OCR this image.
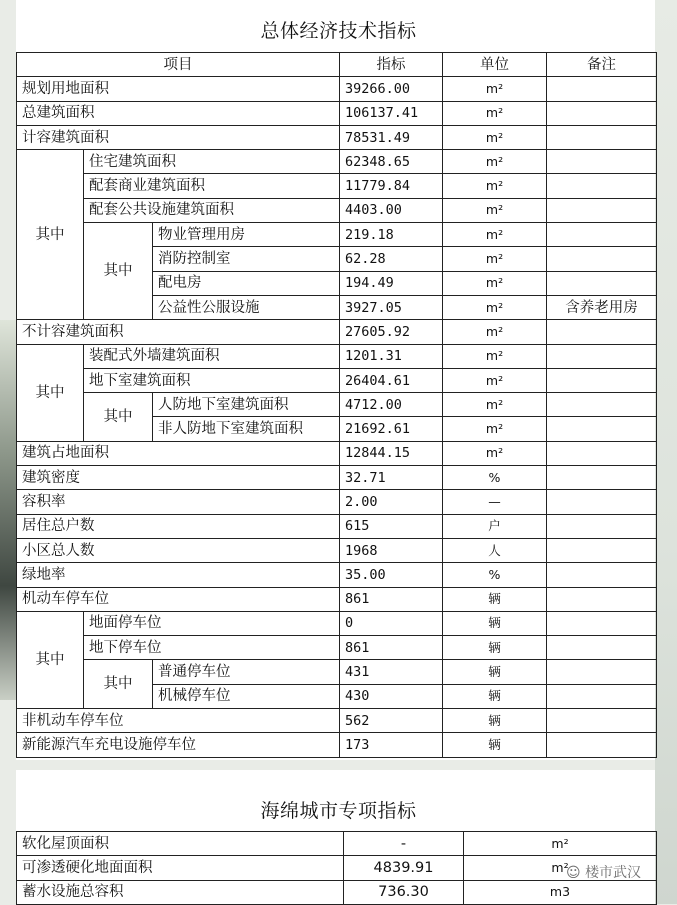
总体经济技术指标
项目			指标	单位	备注
规划用地面积			39266.00	m²	
总建筑面积			106137.41	m²	
计容建筑面积			78531.49	m²	
其中	住宅建筑面积		62348.65	m²	
	配套商业建筑面积		11779.84	m²	
	配套公共设施建筑面积		4403.00	m²	
	其中	物业管理用房	219.18	m²	
		消防控制室	62.28	m²	
		配电房	194.49	m²	
		公益性公服设施	3927.05	m²	含养老用房
不计容建筑面积			27605.92	m²	
其中	装配式外墙建筑面积		1201.31	m²	
	地下室建筑面积		26404.61	m²	
	其中	人防地下室建筑面积	4712.00	m²	
		非人防地下室建筑面积	21692.61	m²	
建筑占地面积			12844.15	m²	
建筑密度			32.71	%	
容积率			2.00	—	
居住总户数			615	户	
小区总人数			1968	人	
绿地率			35.00	%	
机动车停车位			861	辆	
其中	地面停车位		0	辆	
	地下停车位		861	辆	
	其中	普通停车位	431	辆	
		机械停车位	430	辆	
非机动车停车位			562	辆	
新能源汽车充电设施停车位			173	辆	
海绵城市专项指标
软化屋顶面积	-	m²
可渗透硬化地面面积	4839.91	m²
蓄水设施总容积	736.30	m3
☺ 楼市武汉
